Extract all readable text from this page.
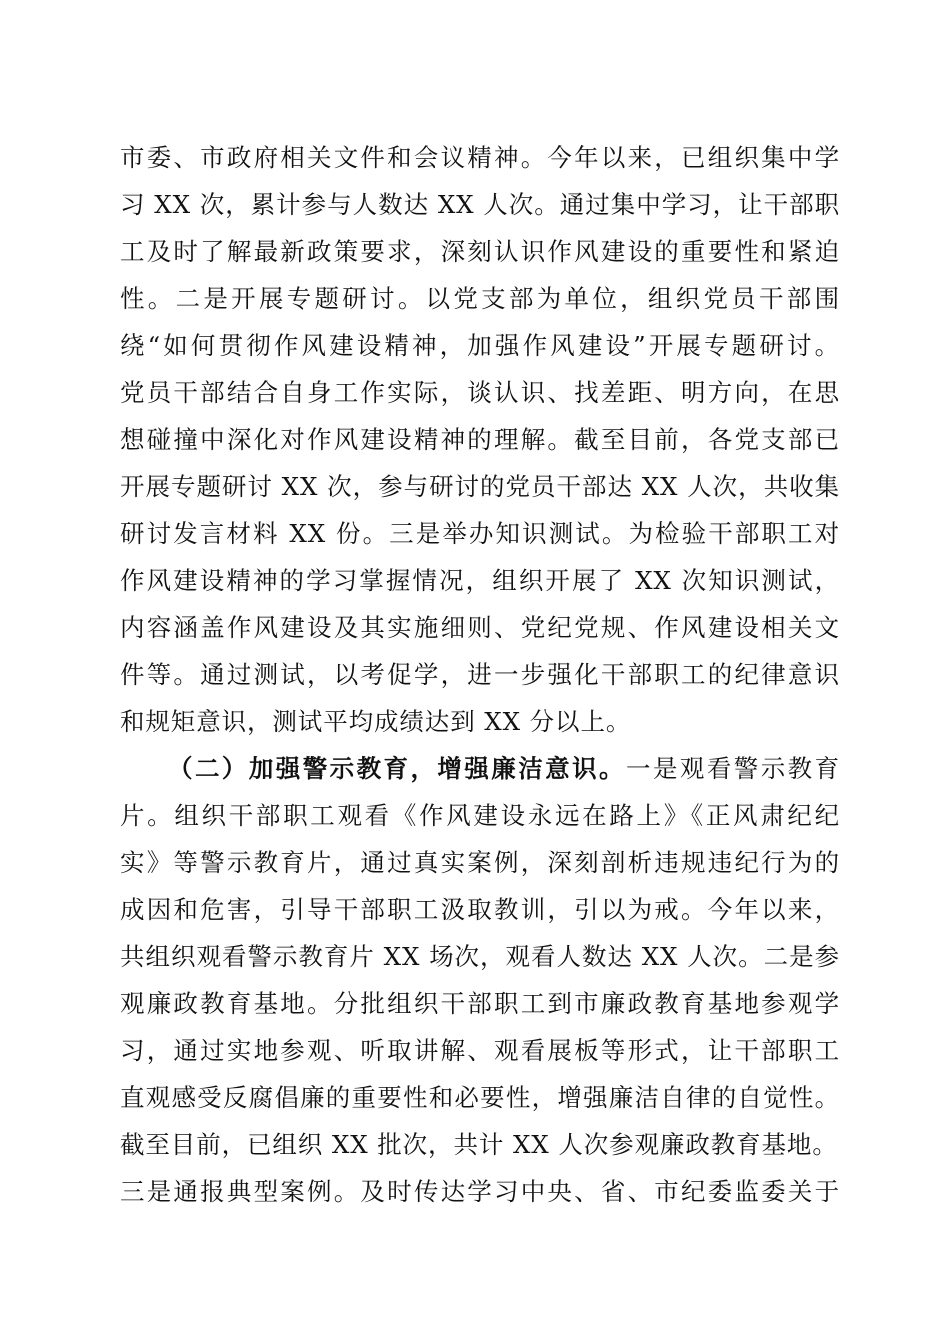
市委、市政府相关文件和会议精神。今年以来，已组织集中学
习 XX 次，累计参与人数达 XX 人次。通过集中学习，让干部职
工及时了解最新政策要求，深刻认识作风建设的重要性和紧迫
性。二是开展专题研讨。以党支部为单位，组织党员干部围
绕“如何贯彻作风建设精神，加强作风建设”开展专题研讨。
党员干部结合自身工作实际，谈认识、找差距、明方向，在思
想碰撞中深化对作风建设精神的理解。截至目前，各党支部已
开展专题研讨 XX 次，参与研讨的党员干部达 XX 人次，共收集
研讨发言材料 XX 份。三是举办知识测试。为检验干部职工对
作风建设精神的学习掌握情况，组织开展了 XX 次知识测试，
内容涵盖作风建设及其实施细则、党纪党规、作风建设相关文
件等。通过测试，以考促学，进一步强化干部职工的纪律意识
和规矩意识，测试平均成绩达到 XX 分以上。
（二）加强警示教育，增强廉洁意识。一是观看警示教育
片。组织干部职工观看《作风建设永远在路上》《正风肃纪纪
实》等警示教育片，通过真实案例，深刻剖析违规违纪行为的
成因和危害，引导干部职工汲取教训，引以为戒。今年以来，
共组织观看警示教育片 XX 场次，观看人数达 XX 人次。二是参
观廉政教育基地。分批组织干部职工到市廉政教育基地参观学
习，通过实地参观、听取讲解、观看展板等形式，让干部职工
直观感受反腐倡廉的重要性和必要性，增强廉洁自律的自觉性。
截至目前，已组织 XX 批次，共计 XX 人次参观廉政教育基地。
三是通报典型案例。及时传达学习中央、省、市纪委监委关于
